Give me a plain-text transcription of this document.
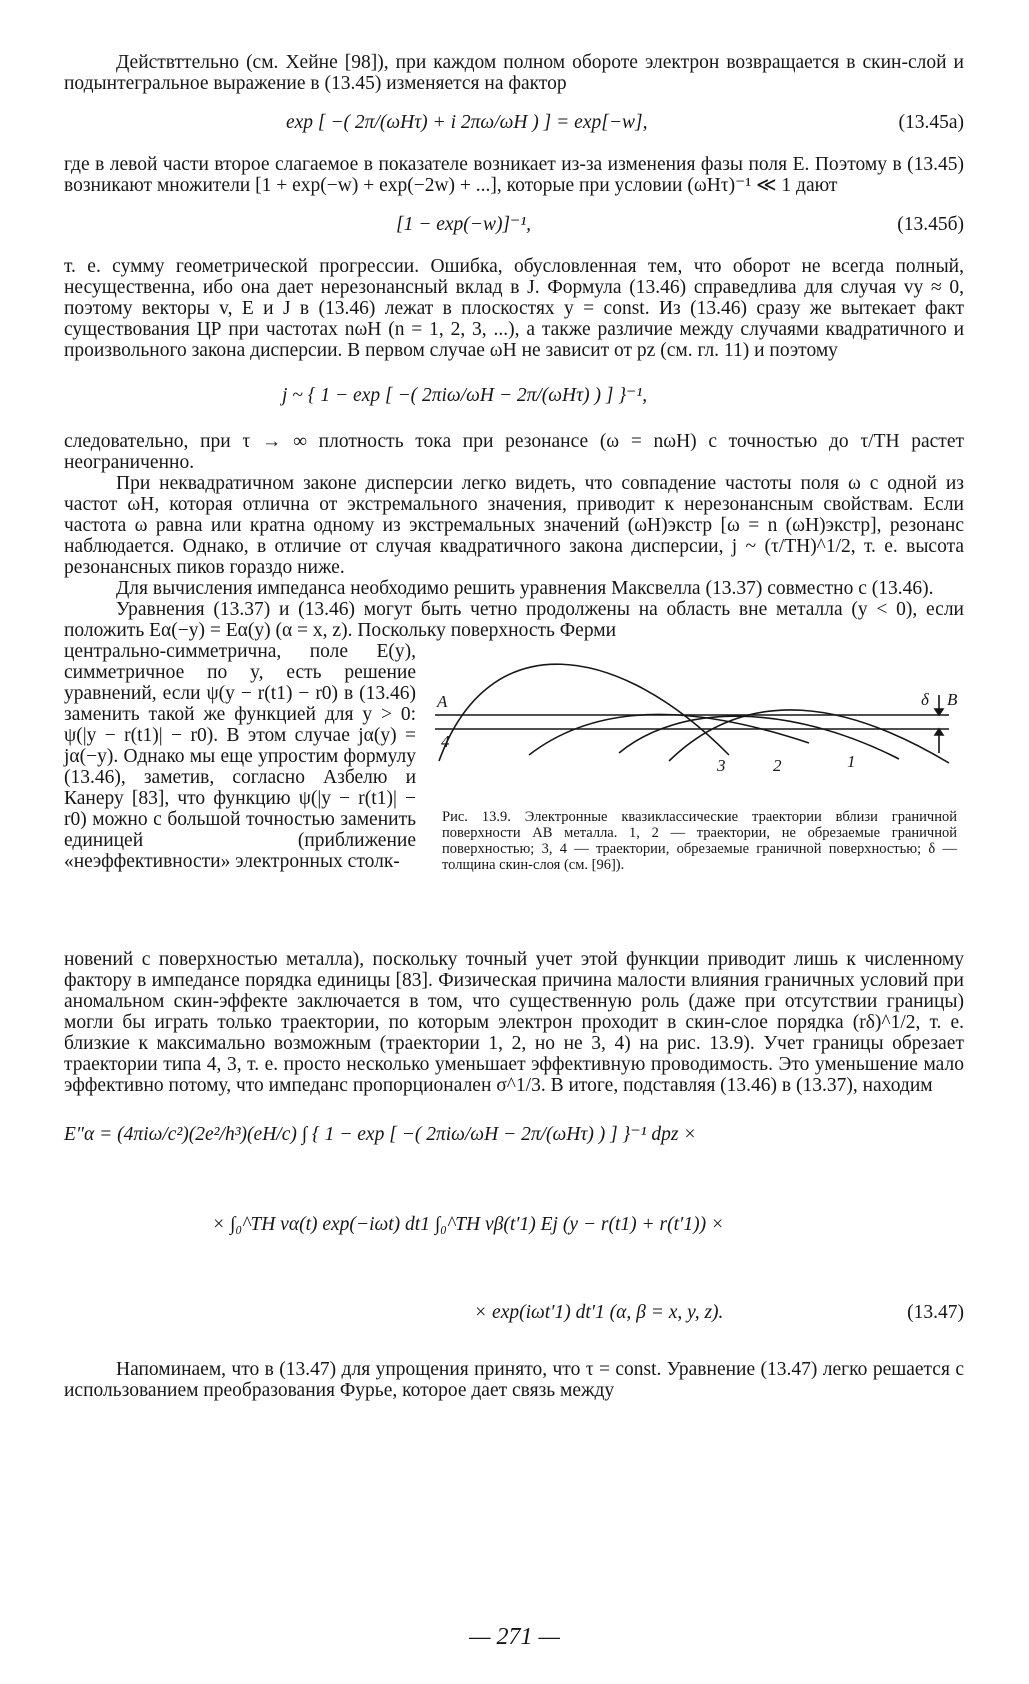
Действттельно (см. Хейне [98]), при каждом полном обороте электрон возвращается в скин-слой и подынтегральное выражение в (13.45) изменяется на фактор

exp [ −( 2π/(ωHτ) + i 2πω/ωH ) ] = exp[−w],	(13.45a)

где в левой части второе слагаемое в показателе возникает из-за изменения фазы поля E. Поэтому в (13.45) возникают множители [1 + exp(−w) + exp(−2w) + ...], которые при условии (ωHτ)⁻¹ ≪ 1 дают

[1 − exp(−w)]⁻¹,	(13.45б)

т. е. сумму геометрической прогрессии. Ошибка, обусловленная тем, что оборот не всегда полный, несущественна, ибо она дает нерезонансный вклад в J. Формула (13.46) справедлива для случая vy ≈ 0, поэтому векторы v, E и J в (13.46) лежат в плоскостях y = const. Из (13.46) сразу же вытекает факт существования ЦР при частотах nωH (n = 1, 2, 3, ...), а также различие между случаями квадратичного и произвольного закона дисперсии. В первом случае ωH не зависит от pz (см. гл. 11) и поэтому

j ~ { 1 − exp [ −( 2πiω/ωH − 2π/(ωHτ) ) ] }⁻¹,

следовательно, при τ → ∞ плотность тока при резонансе (ω = nωH) с точностью до τ/TH растет неограниченно.

При неквадратичном законе дисперсии легко видеть, что совпадение частоты поля ω с одной из частот ωH, которая отлична от экстремального значения, приводит к нерезонансным свойствам. Если частота ω равна или кратна одному из экстремальных значений (ωH)экстр [ω = n (ωH)экстр], резонанс наблюдается. Однако, в отличие от случая квадратичного закона дисперсии, j ~ (τ/TH)^1/2, т. е. высота резонансных пиков гораздо ниже.

Для вычисления импеданса необходимо решить уравнения Максвелла (13.37) совместно с (13.46).

Уравнения (13.37) и (13.46) могут быть четно продолжены на область вне металла (y < 0), если положить Eα(−y) = Eα(y) (α = x, z). Поскольку поверхность Ферми

центрально-симметрична, поле E(y), симметричное по y, есть решение уравнений, если ψ(y − r(t1) − r0) в (13.46) заменить такой же функцией для y > 0: ψ(|y − r(t1)| − r0). В этом случае jα(y) = jα(−y). Однако мы еще упростим формулу (13.46), заметив, согласно Азбелю и Канеру [83], что функцию ψ(|y − r(t1)| − r0) можно с большой точностью заменить единицей (приближение «неэффективности» электронных столк-

A	B
δ
4
3	2	1

Рис. 13.9. Электронные квазиклассические траектории вблизи граничной поверхности AB металла. 1, 2 — траектории, не обрезаемые граничной поверхностью; 3, 4 — траектории, обрезаемые граничной поверхностью; δ — толщина скин-слоя (см. [96]).

новений с поверхностью металла), поскольку точный учет этой функции приводит лишь к численному фактору в импедансе порядка единицы [83]. Физическая причина малости влияния граничных условий при аномальном скин-эффекте заключается в том, что существенную роль (даже при отсутствии границы) могли бы играть только траектории, по которым электрон проходит в скин-слое порядка (rδ)^1/2, т. е. близкие к максимально возможным (траектории 1, 2, но не 3, 4) на рис. 13.9). Учет границы обрезает траектории типа 4, 3, т. е. просто несколько уменьшает эффективную проводимость. Это уменьшение мало эффективно потому, что импеданс пропорционален σ^1/3. В итоге, подставляя (13.46) в (13.37), находим

E″α = (4πiω/c²)(2e²/h³)(eH/c) ∫ { 1 − exp [ −( 2πiω/ωH − 2π/(ωHτ) ) ] }⁻¹ dpz ×
× ∫₀^TH vα(t) exp(−iωt) dt1 ∫₀^TH vβ(t′1) Ej (y − r(t1) + r(t′1)) ×
× exp(iωt′1) dt′1 (α, β = x, y, z).	(13.47)

Напоминаем, что в (13.47) для упрощения принято, что τ = const. Уравнение (13.47) легко решается с использованием преобразования Фурье, которое дает связь между

— 271 —
